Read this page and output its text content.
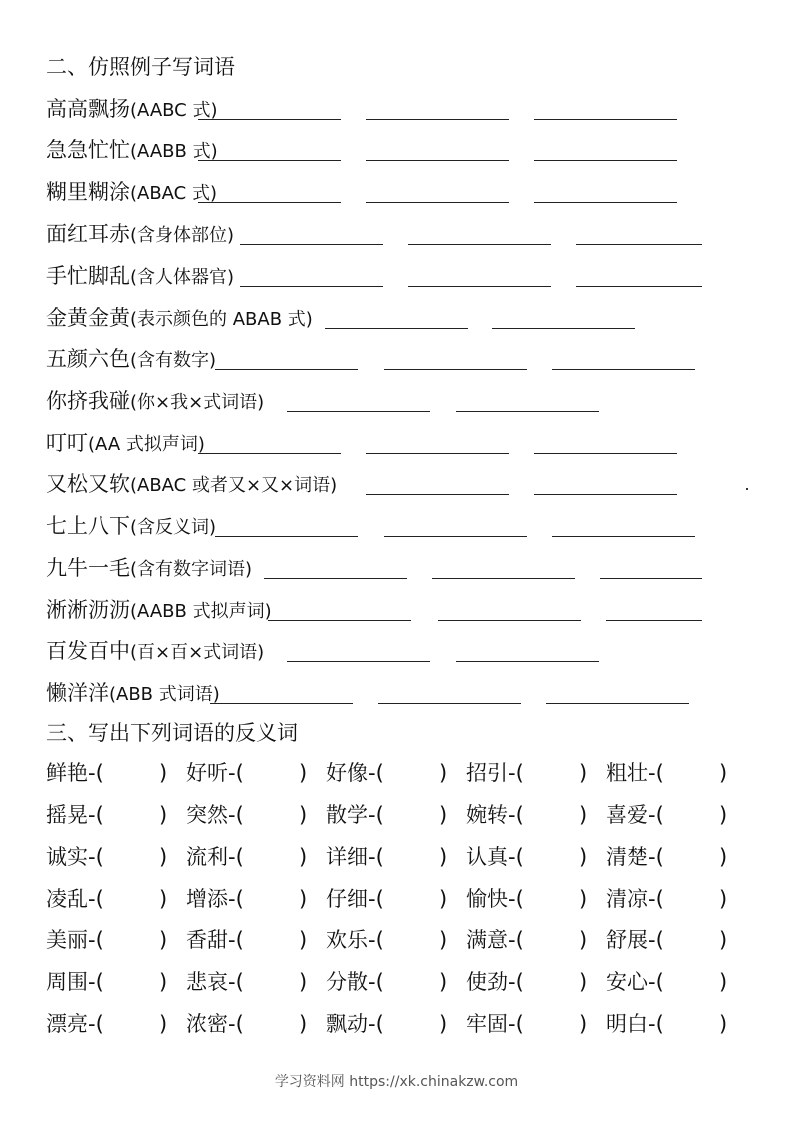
二、仿照例子写词语
高高飘扬(AABC 式)
急急忙忙(AABB 式)
糊里糊涂(ABAC 式)
面红耳赤(含身体部位)
手忙脚乱(含人体器官)
金黄金黄(表示颜色的 ABAB 式)
五颜六色(含有数字)
你挤我碰(你×我×式词语)
叮叮(AA 式拟声词)
又松又软(ABAC 或者又×又×词语)
七上八下(含反义词)
九牛一毛(含有数字词语)
淅淅沥沥(AABB 式拟声词)
百发百中(百×百×式词语)
懒洋洋(ABB 式词语)
三、写出下列词语的反义词
鲜艳-(	) 好听-(	) 好像-(	) 招引-(	) 粗壮-(	)
摇晃-(	) 突然-(	) 散学-(	) 婉转-(	) 喜爱-(	)
诚实-(	) 流利-(	) 详细-(	) 认真-(	) 清楚-(	)
凌乱-(	) 增添-(	) 仔细-(	) 愉快-(	) 清凉-(	)
美丽-(	) 香甜-(	) 欢乐-(	) 满意-(	) 舒展-(	)
周围-(	) 悲哀-(	) 分散-(	) 使劲-(	) 安心-(	)
漂亮-(	) 浓密-(	) 飘动-(	) 牢固-(	) 明白-(	)
学习资料网 https://xk.chinakzw.com
